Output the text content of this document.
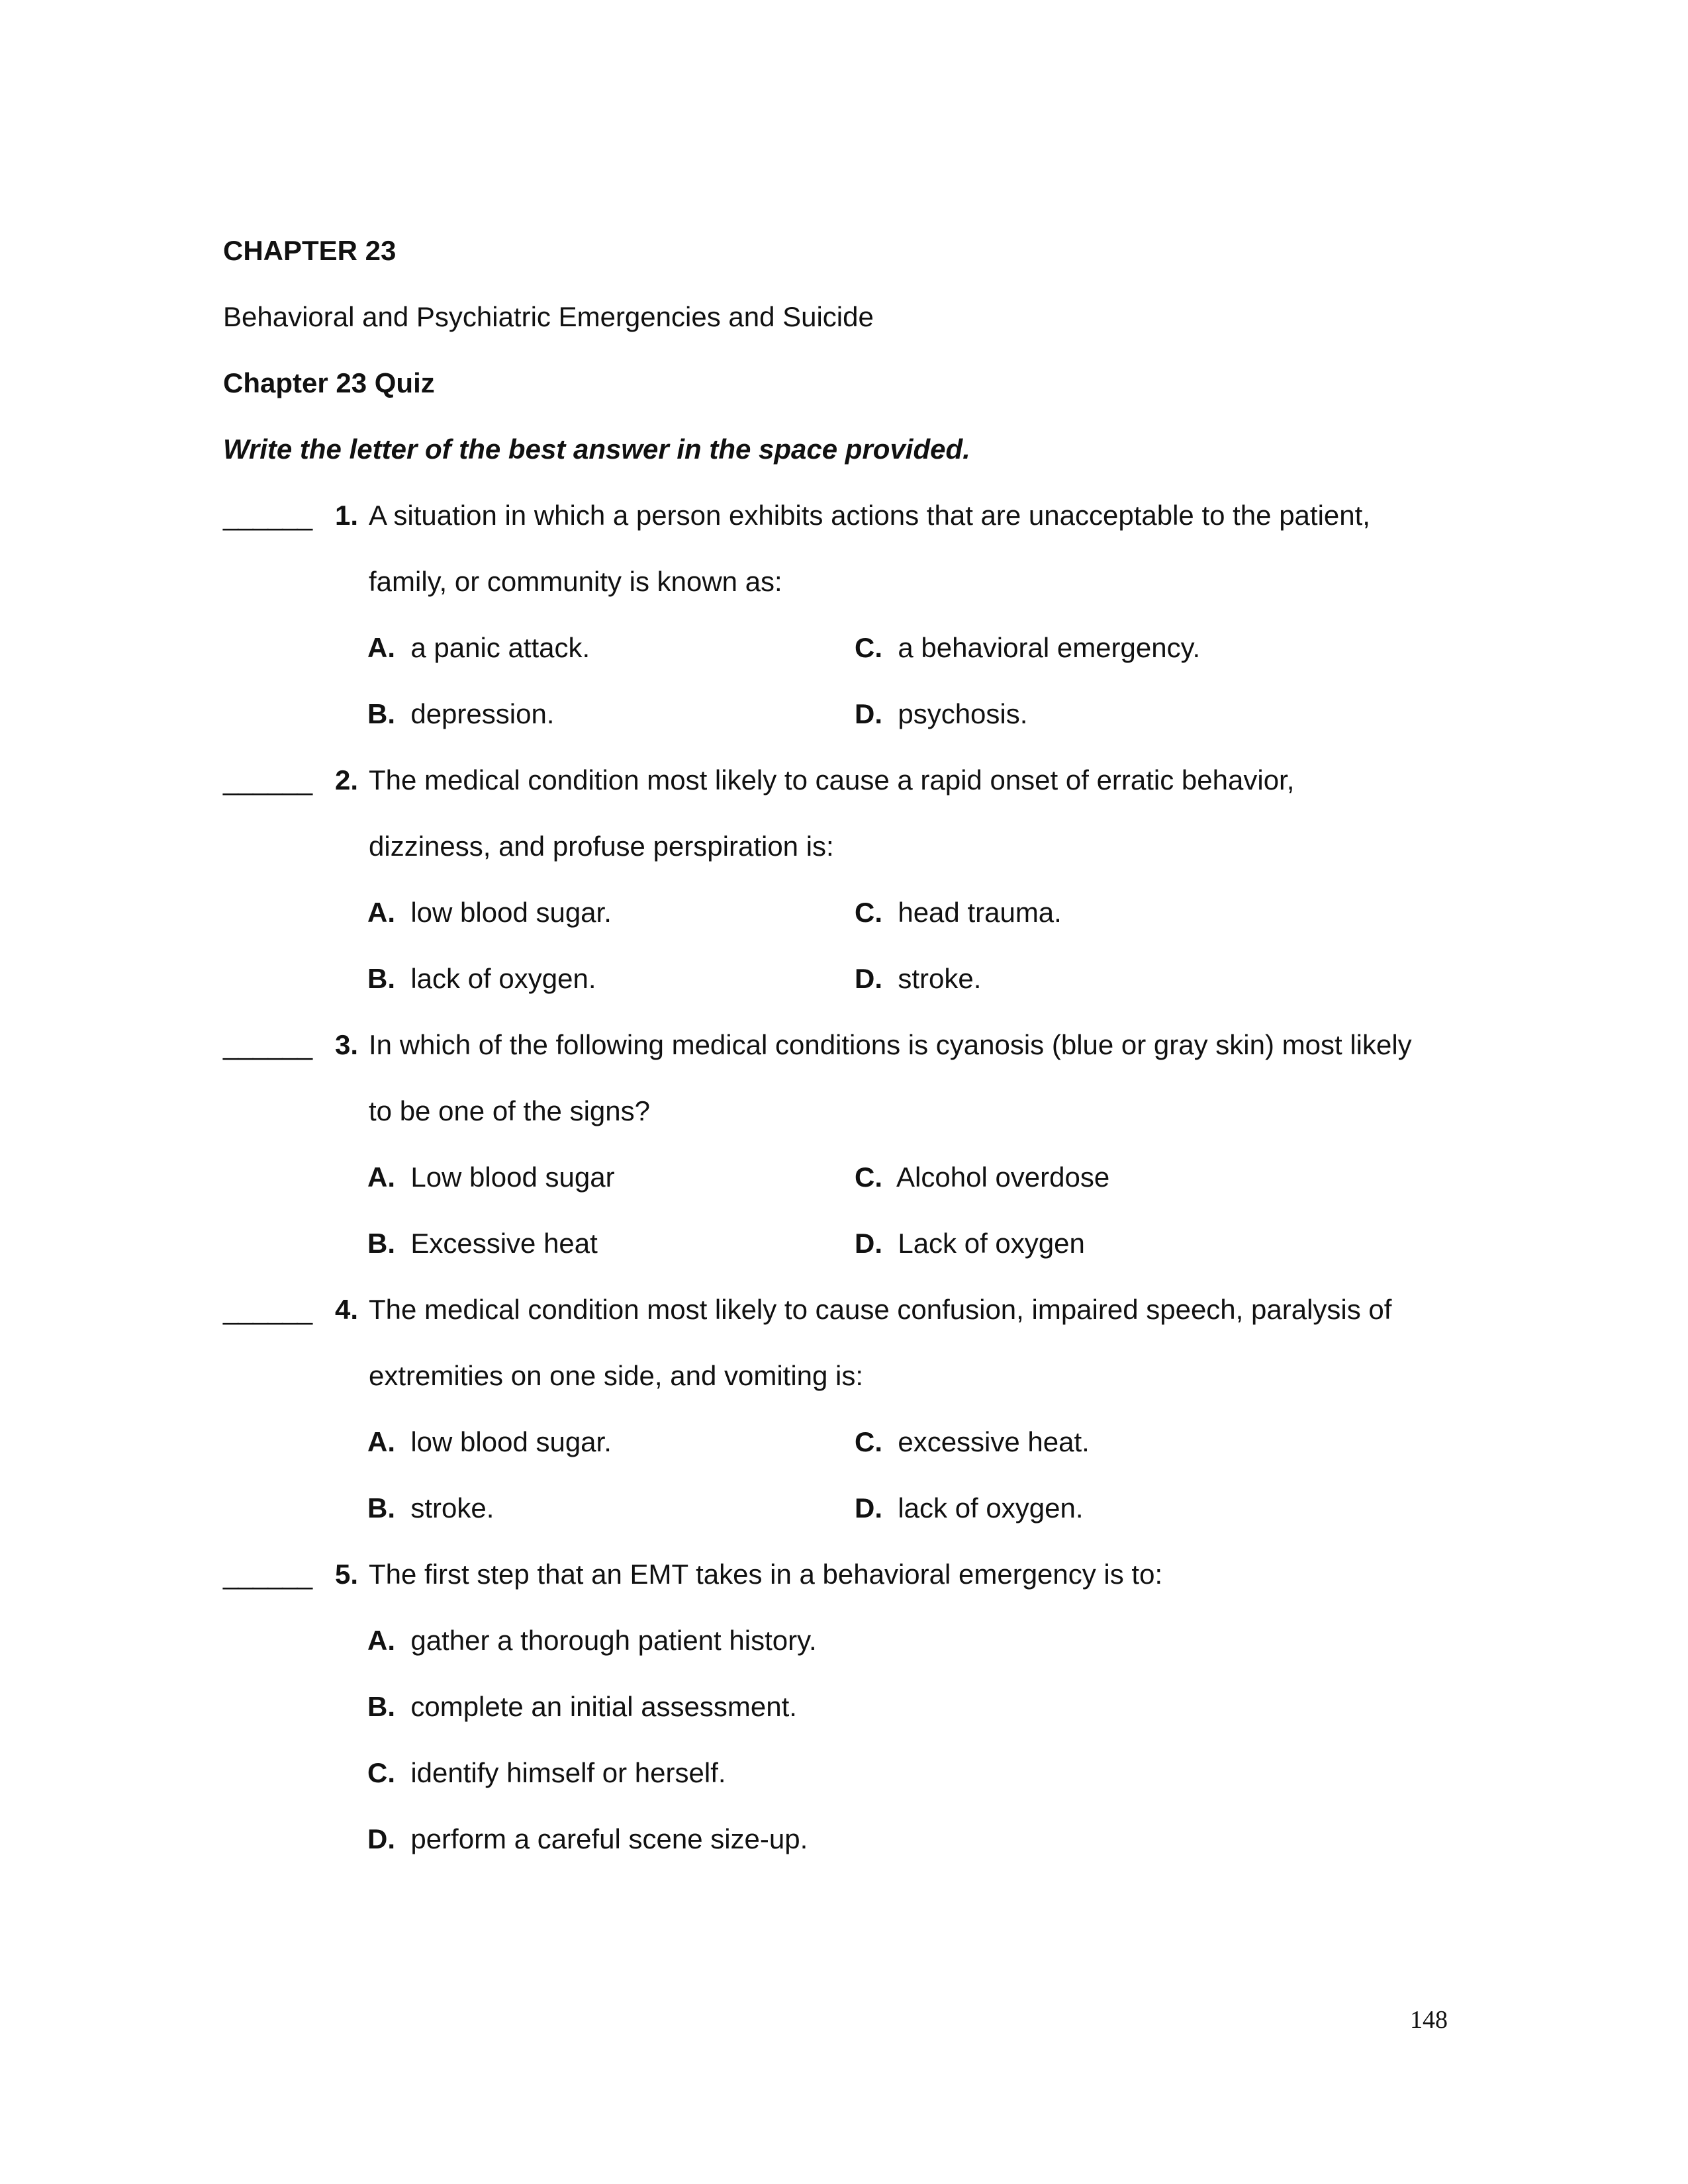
CHAPTER 23
Behavioral and Psychiatric Emergencies and Suicide
Chapter 23 Quiz
Write the letter of the best answer in the space provided.
______ 1. A situation in which a person exhibits actions that are unacceptable to the patient,
family, or community is known as:
A. a panic attack.
B. depression.
C. a behavioral emergency.
D. psychosis.
______ 2. The medical condition most likely to cause a rapid onset of erratic behavior,
dizziness, and profuse perspiration is:
A. low blood sugar.
B. lack of oxygen.
C. head trauma.
D. stroke.
______ 3. In which of the following medical conditions is cyanosis (blue or gray skin) most likely
to be one of the signs?
A. Low blood sugar
B. Excessive heat
C. Alcohol overdose
D. Lack of oxygen
______ 4. The medical condition most likely to cause confusion, impaired speech, paralysis of
extremities on one side, and vomiting is:
A. low blood sugar.
B. stroke.
C. excessive heat.
D. lack of oxygen.
______ 5. The first step that an EMT takes in a behavioral emergency is to:
A. gather a thorough patient history.
B. complete an initial assessment.
C. identify himself or herself.
D. perform a careful scene size-up.
148
